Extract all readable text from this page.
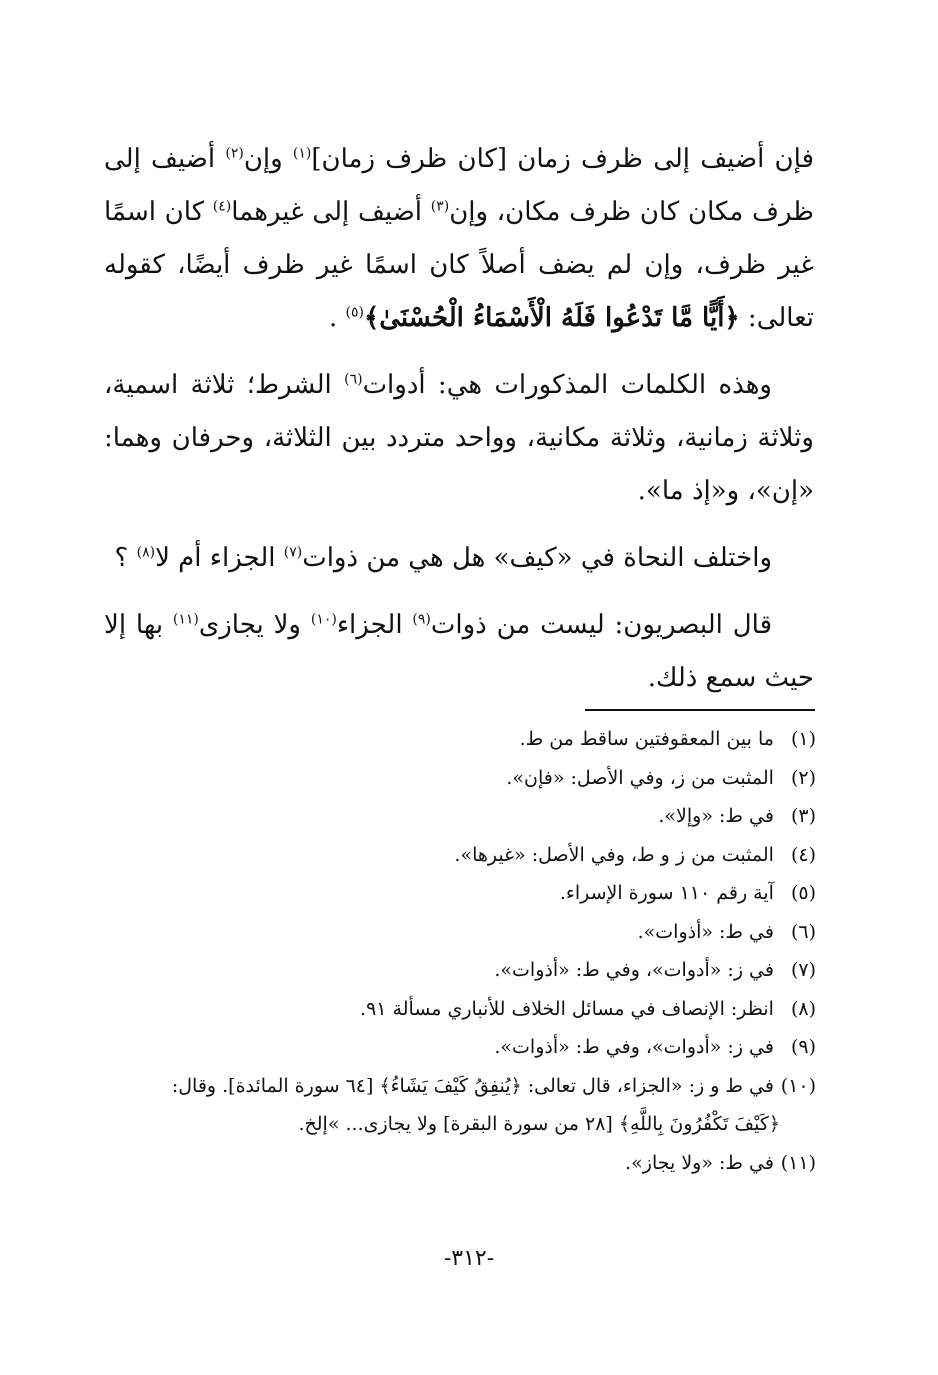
فإن أضيف إلى ظرف زمان [كان ظرف زمان]$^{(١)}$ وإن$^{(٢)}$ أضيف إلى ظرف مكان كان ظرف مكان، وإن$^{(٣)}$ أضيف إلى غيرهما$^{(٤)}$ كان اسمًا غير ظرف، وإن لم يضف أصلاً كان اسمًا غير ظرف أيضًا، كقوله تعالى: ﴿أَيًّا مَّا تَدْعُوا فَلَهُ الْأَسْمَاءُ الْحُسْنَىٰ﴾$^{(٥)}$ .

وهذه الكلمات المذكورات هي: أدوات$^{(٦)}$ الشرط؛ ثلاثة اسمية، وثلاثة زمانية، وثلاثة مكانية، وواحد متردد بين الثلاثة، وحرفان وهما: «إن»، و«إذ ما».

واختلف النحاة في «كيف» هل هي من ذوات$^{(٧)}$ الجزاء أم لا$^{(٨)}$ ؟

قال البصريون: ليست من ذوات$^{(٩)}$ الجزاء$^{(١٠)}$ ولا يجازى$^{(١١)}$ بها إلا حيث سمع ذلك.

(١) ما بين المعقوفتين ساقط من ط.
(٢) المثبت من ز، وفي الأصل: «فإن».
(٣) في ط: «وإلا».
(٤) المثبت من ز و ط، وفي الأصل: «غيرها».
(٥) آية رقم ١١٠ سورة الإسراء.
(٦) في ط: «أذوات».
(٧) في ز: «أدوات»، وفي ط: «أذوات».
(٨) انظر: الإنصاف في مسائل الخلاف للأنباري مسألة ٩١.
(٩) في ز: «أدوات»، وفي ط: «أذوات».
(١٠) في ط و ز: «الجزاء، قال تعالى: ﴿يُنفِقُ كَيْفَ يَشَاءُ﴾ [٦٤ سورة المائدة]. وقال:
﴿كَيْفَ تَكْفُرُونَ بِاللَّهِ﴾ [٢٨ من سورة البقرة] ولا يجازى... »إلخ.
(١١) في ط: «ولا يجاز».
-٣١٢-
